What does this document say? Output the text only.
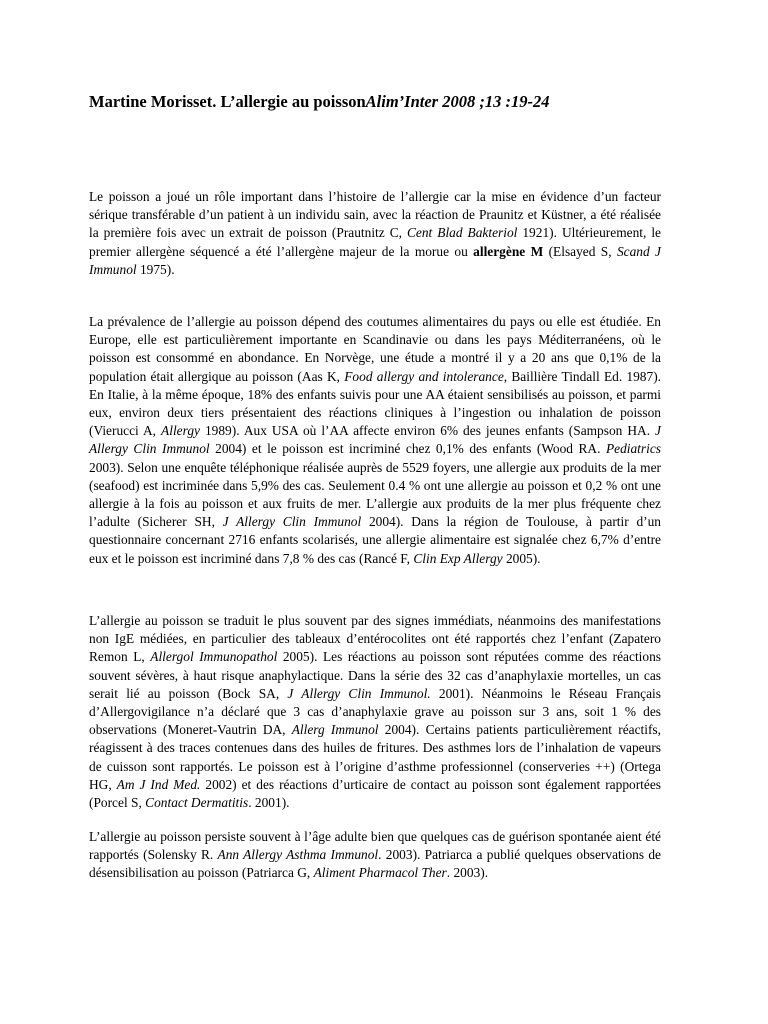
Martine Morisset. L’allergie au poissonAlim’Inter 2008 ;13 :19-24

Le poisson a joué un rôle important dans l’histoire de l’allergie car la mise en évidence d’un facteur sérique transférable d’un patient à un individu sain, avec la réaction de Praunitz et Küstner, a été réalisée la première fois avec un extrait de poisson (Prautnitz C, Cent Blad Bakteriol 1921). Ultérieurement, le premier allergène séquencé a été l’allergène majeur de la morue ou allergène M (Elsayed S, Scand J Immunol 1975).

La prévalence de l’allergie au poisson dépend des coutumes alimentaires du pays ou elle est étudiée. En Europe, elle est particulièrement importante en Scandinavie ou dans les pays Méditerranéens, où le poisson est consommé en abondance. En Norvège, une étude a montré il y a 20 ans que 0,1% de la population était allergique au poisson (Aas K, Food allergy and intolerance, Baillière Tindall Ed. 1987). En Italie, à la même époque, 18% des enfants suivis pour une AA étaient sensibilisés au poisson, et parmi eux, environ deux tiers présentaient des réactions cliniques à l’ingestion ou inhalation de poisson (Vierucci A, Allergy 1989). Aux USA où l’AA affecte environ 6% des jeunes enfants (Sampson HA. J Allergy Clin Immunol 2004) et le poisson est incriminé chez 0,1% des enfants (Wood RA. Pediatrics 2003). Selon une enquête téléphonique réalisée auprès de 5529 foyers, une allergie aux produits de la mer (seafood) est incriminée dans 5,9% des cas. Seulement 0.4 % ont une allergie au poisson et 0,2 % ont une allergie à la fois au poisson et aux fruits de mer. L’allergie aux produits de la mer plus fréquente chez l’adulte (Sicherer SH, J Allergy Clin Immunol 2004). Dans la région de Toulouse, à partir d’un questionnaire concernant 2716 enfants scolarisés, une allergie alimentaire est signalée chez 6,7% d’entre eux et le poisson est incriminé dans 7,8 % des cas (Rancé F, Clin Exp Allergy 2005).

L’allergie au poisson se traduit le plus souvent par des signes immédiats, néanmoins des manifestations non IgE médiées, en particulier des tableaux d’entérocolites ont été rapportés chez l’enfant (Zapatero Remon L, Allergol Immunopathol 2005). Les réactions au poisson sont réputées comme des réactions souvent sévères, à haut risque anaphylactique. Dans la série des 32 cas d’anaphylaxie mortelles, un cas serait lié au poisson (Bock SA, J Allergy Clin Immunol. 2001). Néanmoins le Réseau Français d’Allergovigilance n’a déclaré que 3 cas d’anaphylaxie grave au poisson sur 3 ans, soit 1 % des observations (Moneret-Vautrin DA, Allerg Immunol 2004). Certains patients particulièrement réactifs, réagissent à des traces contenues dans des huiles de fritures. Des asthmes lors de l’inhalation de vapeurs de cuisson sont rapportés. Le poisson est à l’origine d’asthme professionnel (conserveries ++) (Ortega HG, Am J Ind Med. 2002) et des réactions d’urticaire de contact au poisson sont également rapportées (Porcel S, Contact Dermatitis. 2001).

L’allergie au poisson persiste souvent à l’âge adulte bien que quelques cas de guérison spontanée aient été rapportés (Solensky R. Ann Allergy Asthma Immunol. 2003). Patriarca a publié quelques observations de désensibilisation au poisson (Patriarca G, Aliment Pharmacol Ther. 2003).
